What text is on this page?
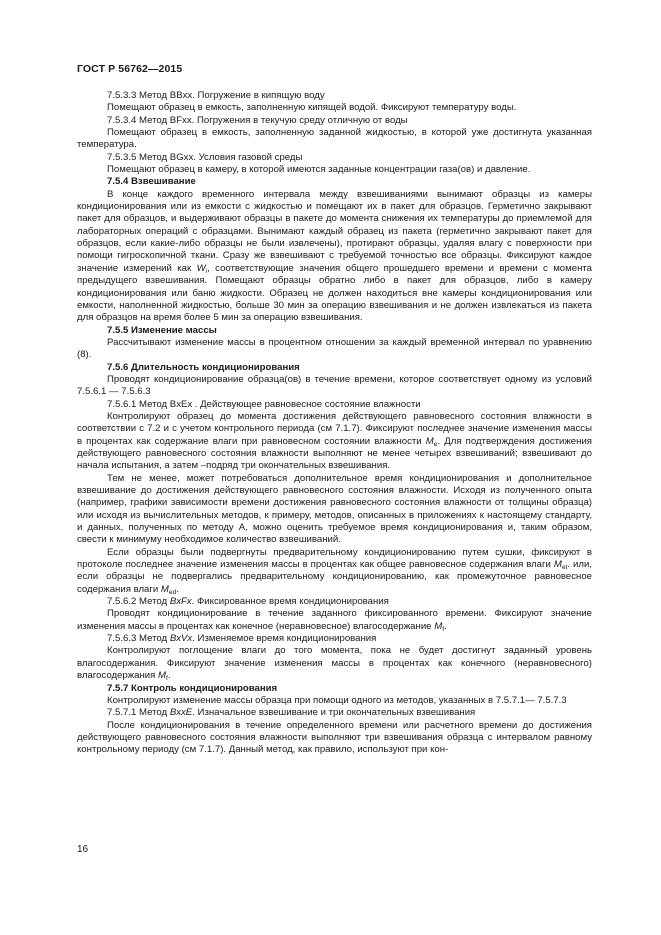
ГОСТ Р 56762—2015

7.5.3.3 Метод BBxx. Погружение в кипящую воду

Помещают образец в емкость, заполненную кипящей водой. Фиксируют температуру воды.

7.5.3.4 Метод BFxx. Погружения в текучую среду отличную от воды

Помещают образец в емкость, заполненную заданной жидкостью, в которой уже достигнута указанная температура.

7.5.3.5 Метод BGxx. Условия газовой среды

Помещают образец в камеру, в которой имеются заданные концентрации газа(ов) и давление.

7.5.4 Взвешивание

В конце каждого временного интервала между взвешиваниями вынимают образцы из камеры кондиционирования или из емкости с жидкостью и помещают их в пакет для образцов. Герметично закрывают пакет для образцов, и выдерживают образцы в пакете до момента снижения их температуры до приемлемой для лабораторных операций с образцами. Вынимают каждый образец из пакета (герметично закрывают пакет для образцов, если какие-либо образцы не были извлечены), протирают образцы, удаляя влагу с поверхности при помощи гигроскопичной ткани. Сразу же взвешивают с требуемой точностью все образцы. Фиксируют каждое значение измерений как $W_i$, соответствующие значения общего прошедшего времени и времени с момента предыдущего взвешивания. Помещают образцы обратно либо в пакет для образцов, либо в камеру кондиционирования или баню жидкости. Образец не должен находиться вне камеры кондиционирования или емкости, наполненной жидкостью, больше 30 мин за операцию взвешивания и не должен извлекаться из пакета для образцов на время более 5 мин за операцию взвешивания.

7.5.5 Изменение массы

Рассчитывают изменение массы в процентном отношении за каждый временной интервал по уравнению (8).

7.5.6 Длительность кондиционирования

Проводят кондиционирование образца(ов) в течение времени, которое соответствует одному из условий 7.5.6.1 — 7.5.6.3

7.5.6.1 Метод BxEx . Действующее равновесное состояние влажности

Контролируют образец до момента достижения действующего равновесного состояния влажности в соответствии с 7.2 и с учетом контрольного периода (см 7.1.7). Фиксируют последнее значение изменения массы в процентах как содержание влаги при равновесном состоянии влажности $M_e$. Для подтверждения достижения действующего равновесного состояния влажности выполняют не менее четырех взвешиваний; взвешивают до начала испытания, а затем –подряд три окончательных взвешивания.

Тем не менее, может потребоваться дополнительное время кондиционирования и дополнительное взвешивание до достижения действующего равновесного состояния влажности. Исходя из полученного опыта (например, графики зависимости времени достижения равновесного состояния влажности от толщины образца) или исходя из вычислительных методов, к примеру, методов, описанных в приложениях к настоящему стандарту, и данных, полученных по методу А, можно оценить требуемое время кондиционирования и, таким образом, свести к минимуму необходимое количество взвешиваний.

Если образцы были подвергнуты предварительному кондиционированию путем сушки, фиксируют в протоколе последнее значение изменения массы в процентах как общее равновесное содержания влаги $M_{et}$. или, если образцы не подвергались предварительному кондиционированию, как промежуточное равновесное содержания влаги $M_{ed}$.

7.5.6.2 Метод BxFx. Фиксированное время кондиционирования

Проводят кондиционирование в течение заданного фиксированного времени. Фиксируют значение изменения массы в процентах как конечное (неравновесное) влагосодержание $M_f$.

7.5.6.3 Метод BxVx. Изменяемое время кондиционирования

Контролируют поглощение влаги до того момента, пока не будет достигнут заданный уровень влагосодержания. Фиксируют значение изменения массы в процентах как конечного (неравновесного) влагосодержания $M_f$.

7.5.7 Контроль кондиционирования

Контролируют изменение массы образца при помощи одного из методов, указанных в 7.5.7.1— 7.5.7.3

7.5.7.1 Метод BxxE. Изначальное взвешивание и три окончательных взвешивания

После кондиционирования в течение определенного времени или расчетного времени до достижения действующего равновесного состояния влажности выполняют три взвешивания образца с интервалом равному контрольному периоду (см 7.1.7). Данный метод, как правило, используют при кон-

16
